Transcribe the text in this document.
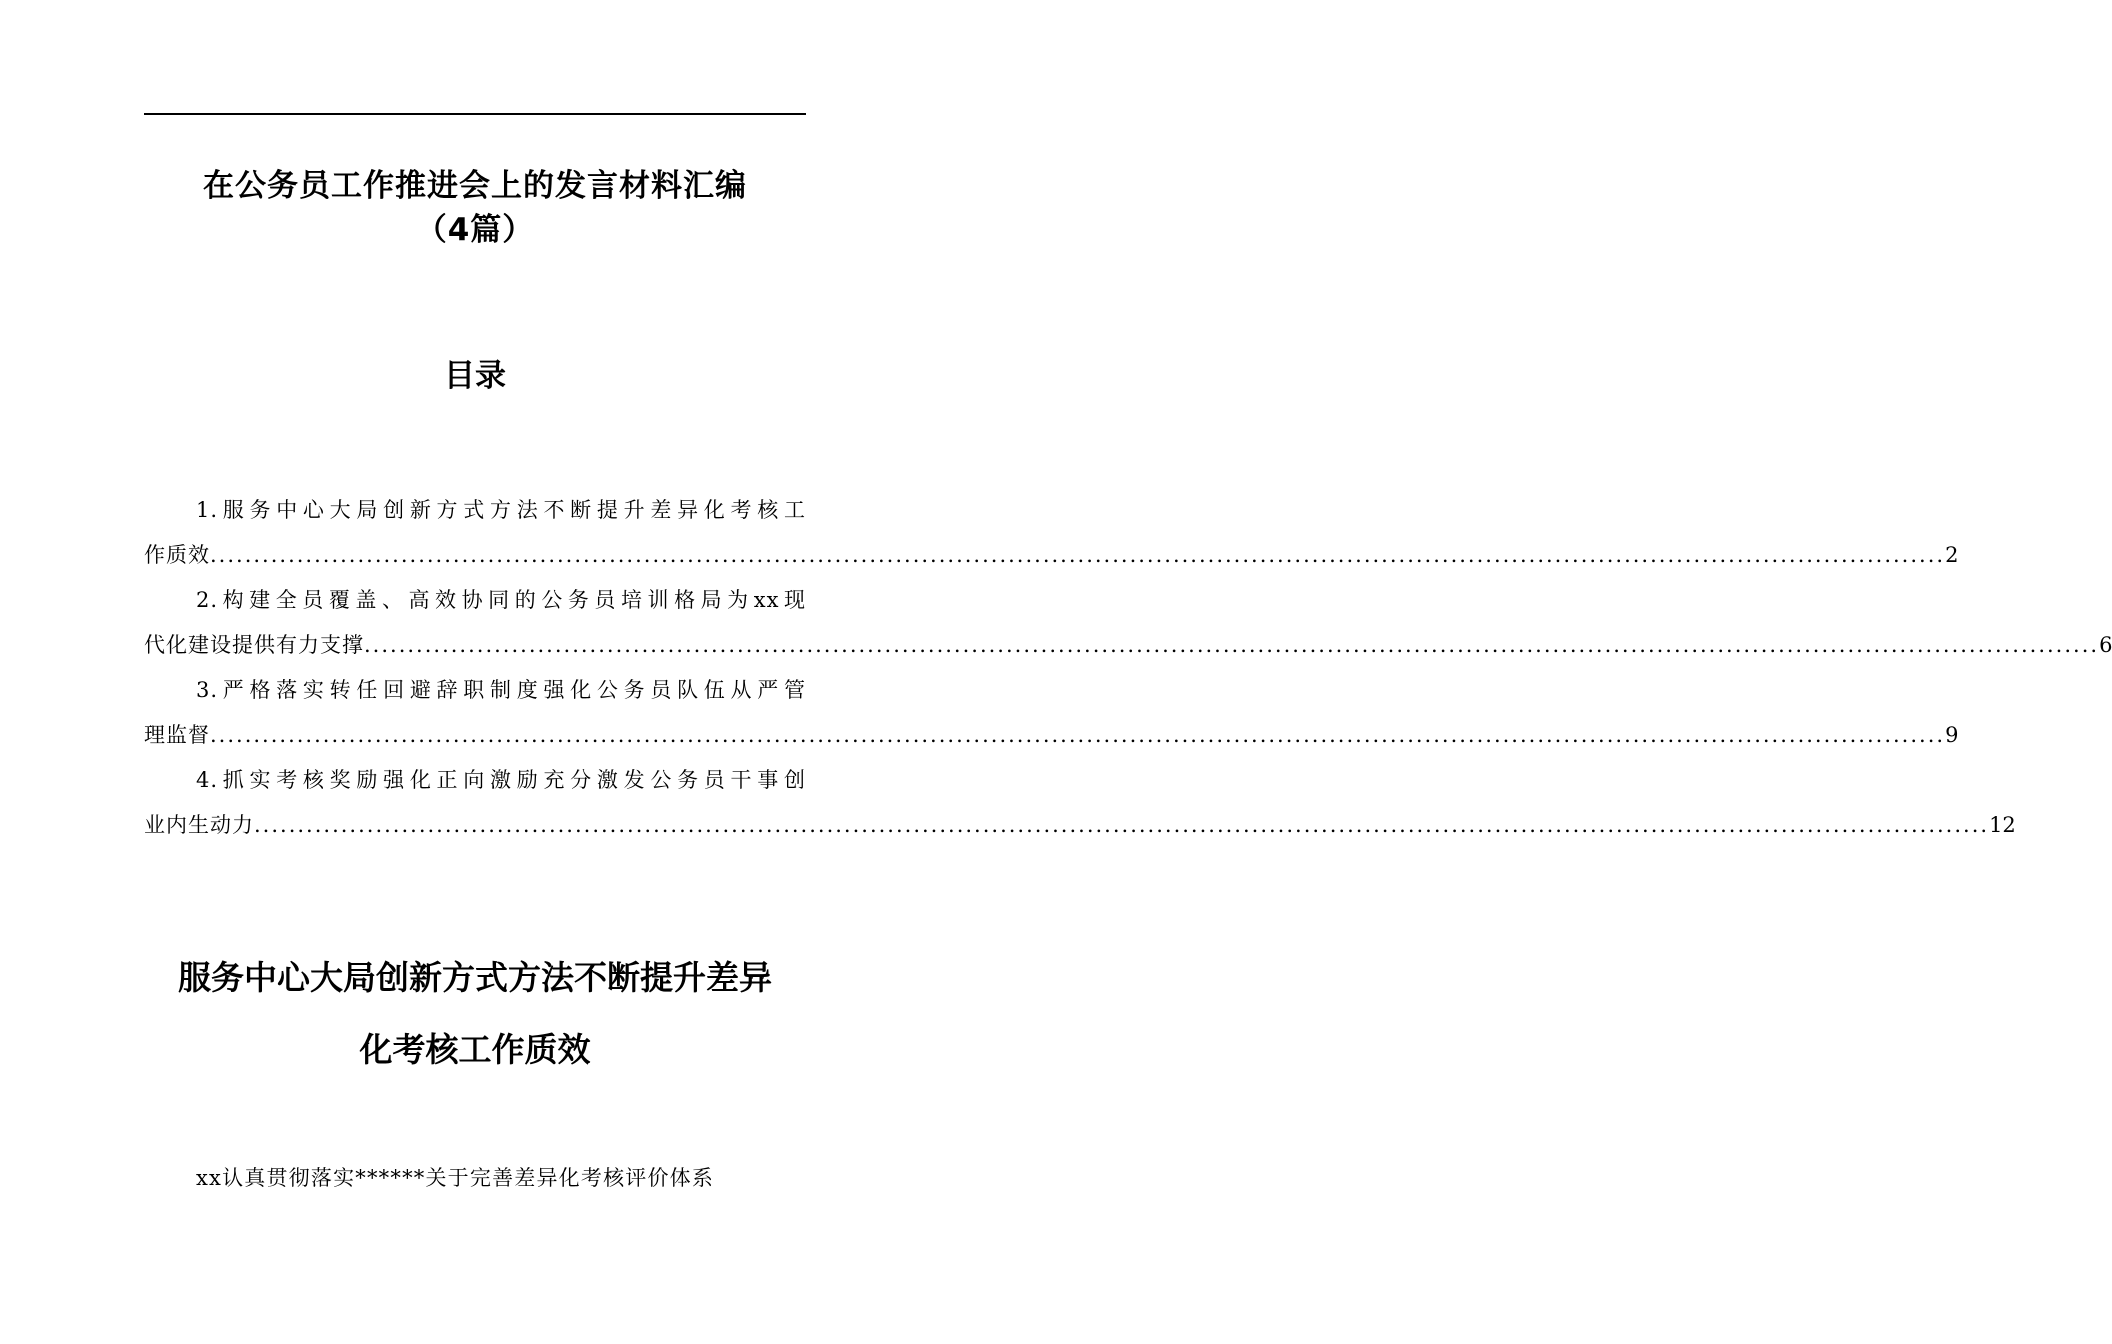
在公务员工作推进会上的发言材料汇编
（4篇）
目录
1.服务中心大局创新方式方法不断提升差异化考核工
作质效 ........................................................................................................................................................................................................ 2
2.构建全员覆盖、高效协同的公务员培训格局为xx现
代化建设提供有力支撑 ........................................................................................................................................................................................................ 6
3.严格落实转任回避辞职制度强化公务员队伍从严管
理监督 ........................................................................................................................................................................................................ 9
4.抓实考核奖励强化正向激励充分激发公务员干事创
业内生动力 ........................................................................................................................................................................................................ 12
服务中心大局创新方式方法不断提升差异
化考核工作质效
xx认真贯彻落实******关于完善差异化考核评价体系
